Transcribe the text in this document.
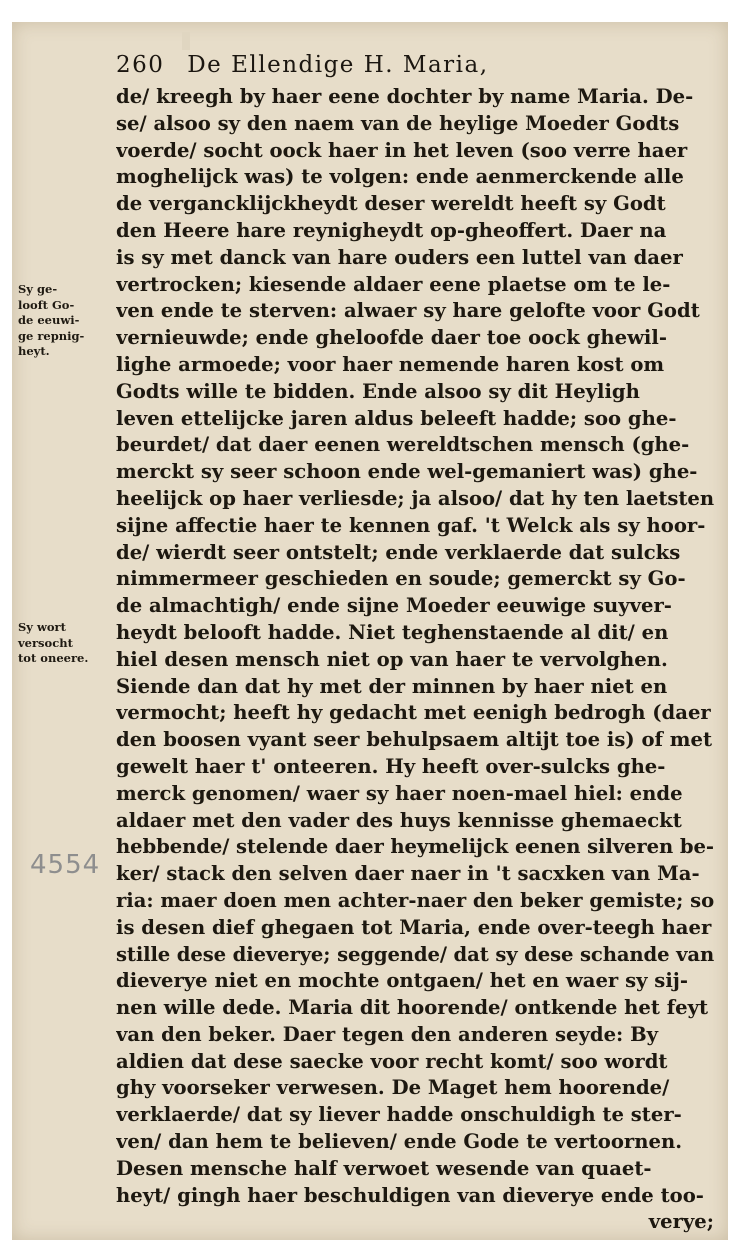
260 De Ellendige H. Maria,
Sy ge-
looft Go-
de eeuwi-
ge repnig-
heyt.
Sy wort
versocht
tot oneere.
4554
de/ kreegh by haer eene dochter by name Maria. De-
se/ alsoo sy den naem van de heylige Moeder Godts
voerde/ socht oock haer in het leven (soo verre haer
moghelijck was) te volgen: ende aenmerckende alle
de vergancklijckheydt deser wereldt heeft sy Godt
den Heere hare reynigheydt op-gheoffert. Daer na
is sy met danck van hare ouders een luttel van daer
vertrocken; kiesende aldaer eene plaetse om te le-
ven ende te sterven: alwaer sy hare gelofte voor Godt
vernieuwde; ende gheloofde daer toe oock ghewil-
lighe armoede; voor haer nemende haren kost om
Godts wille te bidden. Ende alsoo sy dit Heyligh
leven ettelijcke jaren aldus beleeft hadde; soo ghe-
beurdet/ dat daer eenen wereldtschen mensch (ghe-
merckt sy seer schoon ende wel-gemaniert was) ghe-
heelijck op haer verliesde; ja alsoo/ dat hy ten laetsten
sijne affectie haer te kennen gaf. 't Welck als sy hoor-
de/ wierdt seer ontstelt; ende verklaerde dat sulcks
nimmermeer geschieden en soude; gemerckt sy Go-
de almachtigh/ ende sijne Moeder eeuwige suyver-
heydt belooft hadde. Niet teghenstaende al dit/ en
hiel desen mensch niet op van haer te vervolghen.
Siende dan dat hy met der minnen by haer niet en
vermocht; heeft hy gedacht met eenigh bedrogh (daer
den boosen vyant seer behulpsaem altijt toe is) of met
gewelt haer t' onteeren. Hy heeft over-sulcks ghe-
merck genomen/ waer sy haer noen-mael hiel: ende
aldaer met den vader des huys kennisse ghemaeckt
hebbende/ stelende daer heymelijck eenen silveren be-
ker/ stack den selven daer naer in 't sacxken van Ma-
ria: maer doen men achter-naer den beker gemiste; so
is desen dief ghegaen tot Maria, ende over-teegh haer
stille dese dieverye; seggende/ dat sy dese schande van
dieverye niet en mochte ontgaen/ het en waer sy sij-
nen wille dede. Maria dit hoorende/ ontkende het feyt
van den beker. Daer tegen den anderen seyde: By
aldien dat dese saecke voor recht komt/ soo wordt
ghy voorseker verwesen. De Maget hem hoorende/
verklaerde/ dat sy liever hadde onschuldigh te ster-
ven/ dan hem te believen/ ende Gode te vertoornen.
Desen mensche half verwoet wesende van quaet-
heyt/ gingh haer beschuldigen van dieverye ende too-
verye;
